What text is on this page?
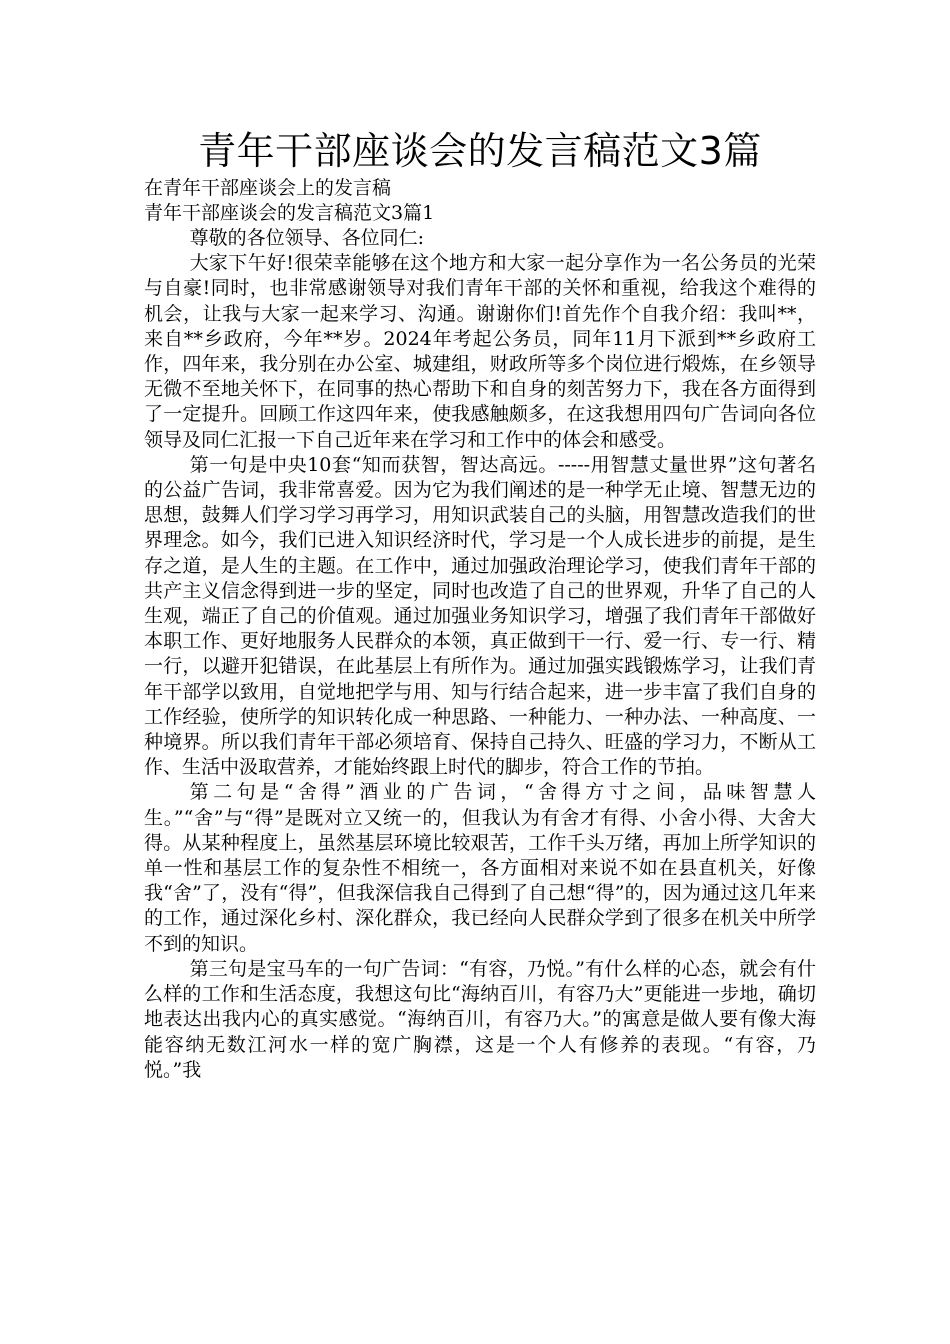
青年干部座谈会的发言稿范文3篇

在青年干部座谈会上的发言稿

青年干部座谈会的发言稿范文3篇1

尊敬的各位领导、各位同仁:

大家下午好!很荣幸能够在这个地方和大家一起分享作为一名公务员的光荣与自豪!同时，也非常感谢领导对我们青年干部的关怀和重视，给我这个难得的机会，让我与大家一起来学习、沟通。谢谢你们!首先作个自我介绍：我叫**，来自**乡政府，今年**岁。2024年考起公务员，同年11月下派到**乡政府工作，四年来，我分别在办公室、城建组，财政所等多个岗位进行煅炼，在乡领导无微不至地关怀下，在同事的热心帮助下和自身的刻苦努力下，我在各方面得到了一定提升。回顾工作这四年来，使我感触颇多，在这我想用四句广告词向各位领导及同仁汇报一下自己近年来在学习和工作中的体会和感受。

第一句是中央10套“知而获智，智达高远。-----用智慧丈量世界”这句著名的公益广告词，我非常喜爱。因为它为我们阐述的是一种学无止境、智慧无边的思想，鼓舞人们学习学习再学习，用知识武装自己的头脑，用智慧改造我们的世界理念。如今，我们已进入知识经济时代，学习是一个人成长进步的前提，是生存之道，是人生的主题。在工作中，通过加强政治理论学习，使我们青年干部的共产主义信念得到进一步的坚定，同时也改造了自己的世界观，升华了自己的人生观，端正了自己的价值观。通过加强业务知识学习，增强了我们青年干部做好本职工作、更好地服务人民群众的本领，真正做到干一行、爱一行、专一行、精一行，以避开犯错误，在此基层上有所作为。通过加强实践锻炼学习，让我们青年干部学以致用，自觉地把学与用、知与行结合起来，进一步丰富了我们自身的工作经验，使所学的知识转化成一种思路、一种能力、一种办法、一种高度、一种境界。所以我们青年干部必须培育、保持自己持久、旺盛的学习力，不断从工作、生活中汲取营养，才能始终跟上时代的脚步，符合工作的节拍。

第二句是“舍得”酒业的广告词，“舍得方寸之间，品味智慧人生。”“舍”与“得”是既对立又统一的，但我认为有舍才有得、小舍小得、大舍大得。从某种程度上，虽然基层环境比较艰苦，工作千头万绪，再加上所学知识的单一性和基层工作的复杂性不相统一，各方面相对来说不如在县直机关，好像我“舍”了，没有“得”，但我深信我自己得到了自己想“得”的，因为通过这几年来的工作，通过深化乡村、深化群众，我已经向人民群众学到了很多在机关中所学不到的知识。

第三句是宝马车的一句广告词：“有容，乃悦。”有什么样的心态，就会有什么样的工作和生活态度，我想这句比“海纳百川，有容乃大”更能进一步地，确切地表达出我内心的真实感觉。“海纳百川，有容乃大。”的寓意是做人要有像大海能容纳无数江河水一样的宽广胸襟，这是一个人有修养的表现。“有容，乃悦。”我
